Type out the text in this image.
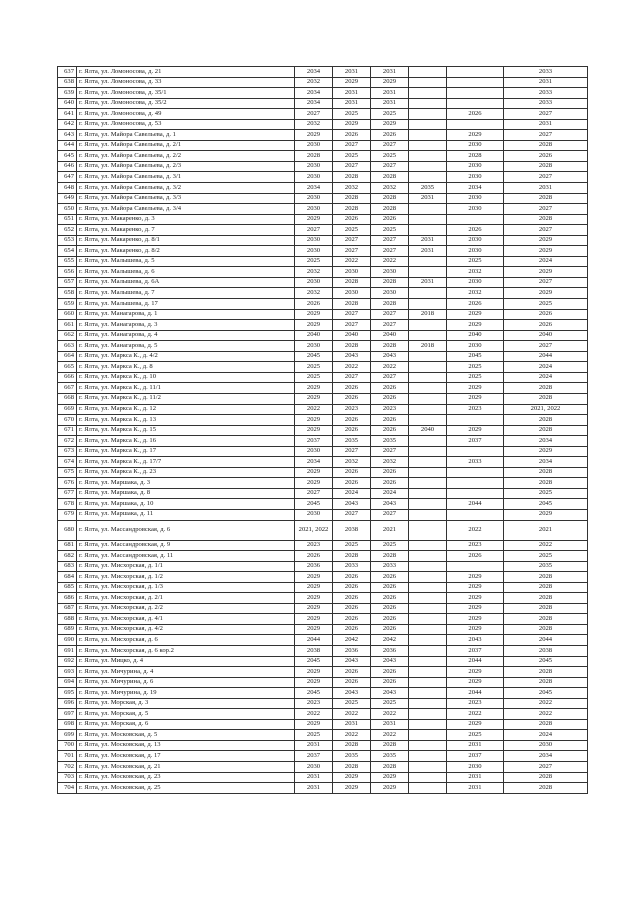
637	г. Ялта, ул. Ломоносова, д. 21	2034	2031	2031			2033
638	г. Ялта, ул. Ломоносова, д. 33	2032	2029	2029			2031
639	г. Ялта, ул. Ломоносова, д. 35/1	2034	2031	2031			2033
640	г. Ялта, ул. Ломоносова, д. 35/2	2034	2031	2031			2033
641	г. Ялта, ул. Ломоносова, д. 49	2027	2025	2025		2026	2027
642	г. Ялта, ул. Ломоносова, д. 53	2032	2029	2029			2031
643	г. Ялта, ул. Майора Савельева, д. 1	2029	2026	2026		2029	2027
644	г. Ялта, ул. Майора Савельева, д. 2/1	2030	2027	2027		2030	2028
645	г. Ялта, ул. Майора Савельева, д. 2/2	2028	2025	2025		2028	2026
646	г. Ялта, ул. Майора Савельева, д. 2/3	2030	2027	2027		2030	2028
647	г. Ялта, ул. Майора Савельева, д. 3/1	2030	2028	2028		2030	2027
648	г. Ялта, ул. Майора Савельева, д. 3/2	2034	2032	2032	2035	2034	2031
649	г. Ялта, ул. Майора Савельева, д. 3/3	2030	2028	2028	2031	2030	2028
650	г. Ялта, ул. Майора Савельева, д. 3/4	2030	2028	2028		2030	2027
651	г. Ялта, ул. Макаренко, д. 3	2029	2026	2026			2028
652	г. Ялта, ул. Макаренко, д. 7	2027	2025	2025		2026	2027
653	г. Ялта, ул. Макаренко, д. 8/1	2030	2027	2027	2031	2030	2029
654	г. Ялта, ул. Макаренко, д. 8/2	2030	2027	2027	2031	2030	2029
655	г. Ялта, ул. Малышева, д. 5	2025	2022	2022		2025	2024
656	г. Ялта, ул. Малышева, д. 6	2032	2030	2030		2032	2029
657	г. Ялта, ул. Малышева, д. 6А	2030	2028	2028	2031	2030	2027
658	г. Ялта, ул. Малышева, д. 7	2032	2030	2030		2032	2029
659	г. Ялта, ул. Малышева, д. 17	2026	2028	2028		2026	2025
660	г. Ялта, ул. Манагарова, д. 1	2029	2027	2027	2018	2029	2026
661	г. Ялта, ул. Манагарова, д. 3	2029	2027	2027		2029	2026
662	г. Ялта, ул. Манагарова, д. 4	2040	2040	2040		2040	2040
663	г. Ялта, ул. Манагарова, д. 5	2030	2028	2028	2018	2030	2027
664	г. Ялта, ул. Маркса К., д. 4/2	2045	2043	2043		2045	2044
665	г. Ялта, ул. Маркса К., д. 8	2025	2022	2022		2025	2024
666	г. Ялта, ул. Маркса К., д. 10	2025	2027	2027		2025	2024
667	г. Ялта, ул. Маркса К., д. 11/1	2029	2026	2026		2029	2028
668	г. Ялта, ул. Маркса К., д. 11/2	2029	2026	2026		2029	2028
669	г. Ялта, ул. Маркса К., д. 12	2022	2023	2023		2023	2021, 2022
670	г. Ялта, ул. Маркса К., д. 13	2029	2026	2026			2028
671	г. Ялта, ул. Маркса К., д. 15	2029	2026	2026	2040	2029	2028
672	г. Ялта, ул. Маркса К., д. 16	2037	2035	2035		2037	2034
673	г. Ялта, ул. Маркса К., д. 17	2030	2027	2027			2029
674	г. Ялта, ул. Маркса К., д. 17/7	2034	2032	2032		2033	2034
675	г. Ялта, ул. Маркса К., д. 23	2029	2026	2026			2028
676	г. Ялта, ул. Маршака, д. 3	2029	2026	2026			2028
677	г. Ялта, ул. Маршака, д. 8	2027	2024	2024			2025
678	г. Ялта, ул. Маршака, д. 10	2045	2043	2043		2044	2045
679	г. Ялта, ул. Маршака, д. 11	2030	2027	2027			2029
680	г. Ялта, ул. Массандровская, д. 6	2021, 2022	2038	2021		2022	2021
681	г. Ялта, ул. Массандровская, д. 9	2023	2025	2025		2023	2022
682	г. Ялта, ул. Массандровская, д. 11	2026	2028	2028		2026	2025
683	г. Ялта, ул. Мисхорская, д. 1/1	2036	2033	2033			2035
684	г. Ялта, ул. Мисхорская, д. 1/2	2029	2026	2026		2029	2028
685	г. Ялта, ул. Мисхорская, д. 1/3	2029	2026	2026		2029	2028
686	г. Ялта, ул. Мисхорская, д. 2/1	2029	2026	2026		2029	2028
687	г. Ялта, ул. Мисхорская, д. 2/2	2029	2026	2026		2029	2028
688	г. Ялта, ул. Мисхорская, д. 4/1	2029	2026	2026		2029	2028
689	г. Ялта, ул. Мисхорская, д. 4/2	2029	2026	2026		2029	2028
690	г. Ялта, ул. Мисхорская, д. 6	2044	2042	2042		2043	2044
691	г. Ялта, ул. Мисхорская, д. 6 кор.2	2038	2036	2036		2037	2038
692	г. Ялта, ул. Мицко, д. 4	2045	2043	2043		2044	2045
693	г. Ялта, ул. Мичурина, д. 4	2029	2026	2026		2029	2028
694	г. Ялта, ул. Мичурина, д. 6	2029	2026	2026		2029	2028
695	г. Ялта, ул. Мичурина, д. 19	2045	2043	2043		2044	2045
696	г. Ялта, ул. Морская, д. 3	2023	2025	2025		2023	2022
697	г. Ялта, ул. Морская, д. 5	2022	2022	2022		2022	2022
698	г. Ялта, ул. Морская, д. 6	2029	2031	2031		2029	2028
699	г. Ялта, ул. Московская, д. 5	2025	2022	2022		2025	2024
700	г. Ялта, ул. Московская, д. 13	2031	2028	2028		2031	2030
701	г. Ялта, ул. Московская, д. 17	2037	2035	2035		2037	2034
702	г. Ялта, ул. Московская, д. 21	2030	2028	2028		2030	2027
703	г. Ялта, ул. Московская, д. 23	2031	2029	2029		2031	2028
704	г. Ялта, ул. Московская, д. 25	2031	2029	2029		2031	2028
